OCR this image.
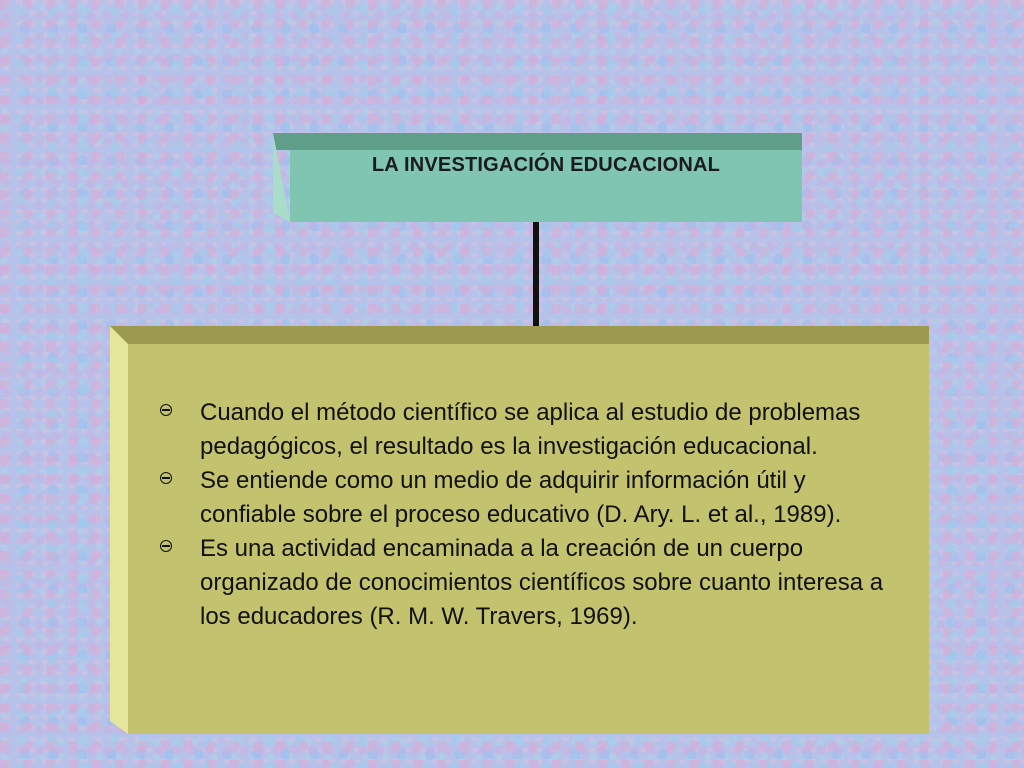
LA INVESTIGACIÓN EDUCACIONAL
Cuando el método científico se aplica al estudio de problemas pedagógicos, el resultado es la investigación educacional.
Se entiende como un medio de adquirir información útil y confiable sobre el proceso educativo (D. Ary. L. et al., 1989).
Es una actividad encaminada a la creación de un cuerpo organizado de conocimientos científicos sobre cuanto interesa a los educadores (R. M. W. Travers, 1969).
